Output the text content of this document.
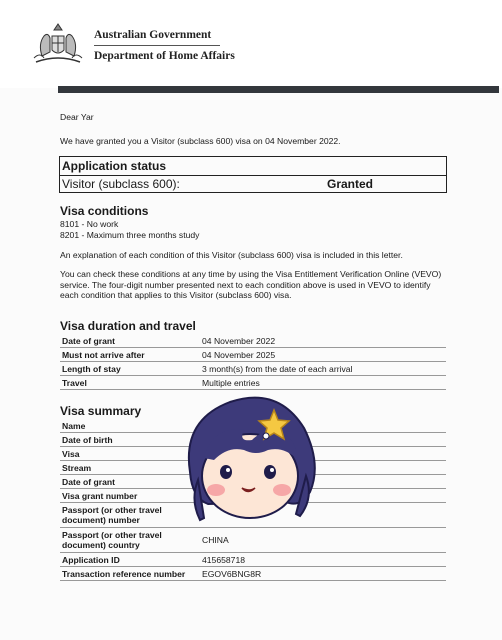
Australian Government
Department of Home Affairs
Dear Yar
We have granted you a Visitor (subclass 600) visa on 04 November 2022.
Application status
Visitor (subclass 600):	Granted
Visa conditions
8101 - No work
8201 - Maximum three months study
An explanation of each condition of this Visitor (subclass 600) visa is included in this letter.
You can check these conditions at any time by using the Visa Entitlement Verification Online (VEVO) service. The four-digit number presented next to each condition above is used in VEVO to identify each condition that applies to this Visitor (subclass 600) visa.
Visa duration and travel
Date of grant	04 November 2022
Must not arrive after	04 November 2025
Length of stay	3 month(s) from the date of each arrival
Travel	Multiple entries
Visa summary
Name	
Date of birth	
Visa	
Stream	
Date of grant	
Visa grant number	
Passport (or other travel document) number	
Passport (or other travel document) country	CHINA
Application ID	415658718
Transaction reference number	EGOV6BNG8R
